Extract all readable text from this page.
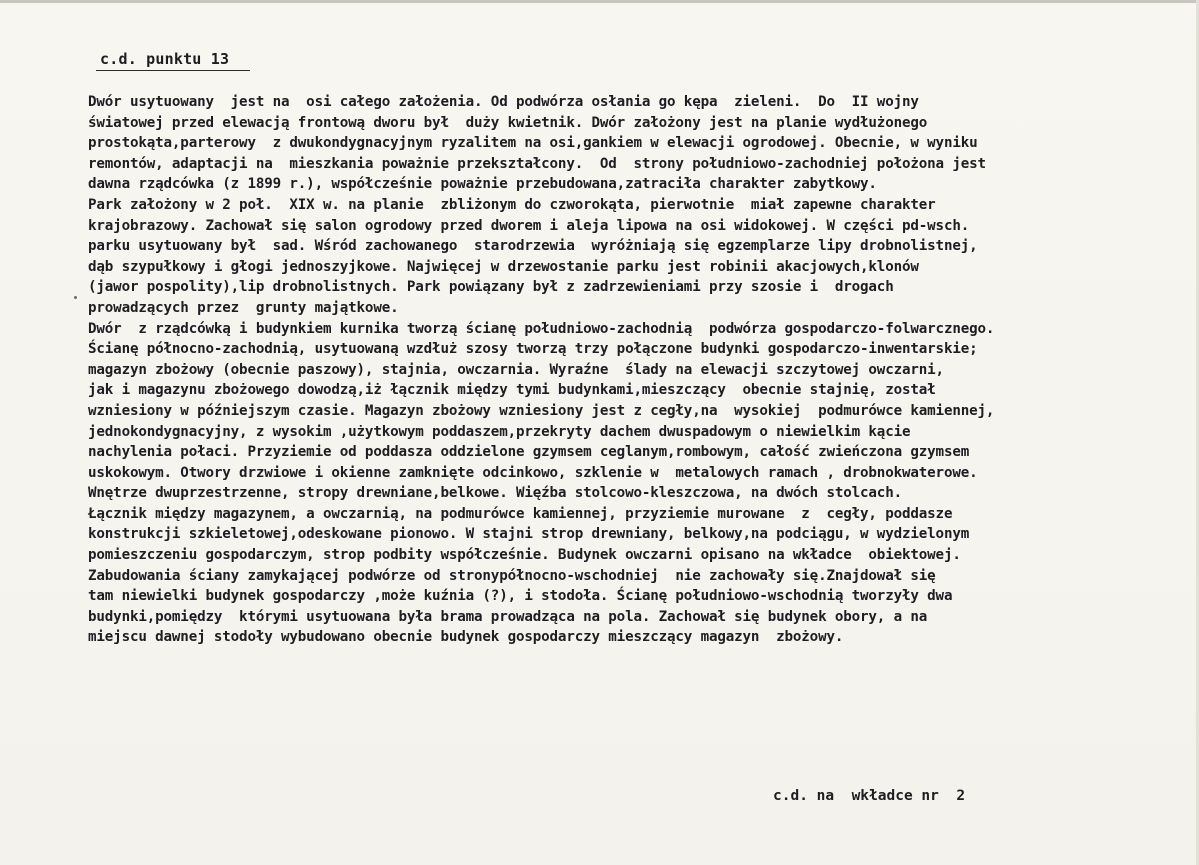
c.d. punktu 13
Dwór usytuowany  jest na  osi całego założenia. Od podwórza osłania go kępa  zieleni.  Do  II wojny
światowej przed elewacją frontową dworu był  duży kwietnik. Dwór założony jest na planie wydłużonego
prostokąta,parterowy  z dwukondygnacyjnym ryzalitem na osi,gankiem w elewacji ogrodowej. Obecnie, w wyniku
remontów, adaptacji na  mieszkania poważnie przekształcony.  Od  strony południowo-zachodniej położona jest
dawna rządcówka (z 1899 r.), współcześnie poważnie przebudowana,zatraciła charakter zabytkowy.
Park założony w 2 poł.  XIX w. na planie  zbliżonym do czworokąta, pierwotnie  miał zapewne charakter
krajobrazowy. Zachował się salon ogrodowy przed dworem i aleja lipowa na osi widokowej. W części pd-wsch.
parku usytuowany był  sad. Wśród zachowanego  starodrzewia  wyróżniają się egzemplarze lipy drobnolistnej,
dąb szypułkowy i głogi jednoszyjkowe. Najwięcej w drzewostanie parku jest robinii akacjowych,klonów
(jawor pospolity),lip drobnolistnych. Park powiązany był z zadrzewieniami przy szosie i  drogach
prowadzących przez  grunty majątkowe.
Dwór  z rządcówką i budynkiem kurnika tworzą ścianę południowo-zachodnią  podwórza gospodarczo-folwarcznego.
Ścianę północno-zachodnią, usytuowaną wzdłuż szosy tworzą trzy połączone budynki gospodarczo-inwentarskie;
magazyn zbożowy (obecnie paszowy), stajnia, owczarnia. Wyraźne  ślady na elewacji szczytowej owczarni,
jak i magazynu zbożowego dowodzą,iż łącznik między tymi budynkami,mieszczący  obecnie stajnię, został
wzniesiony w późniejszym czasie. Magazyn zbożowy wzniesiony jest z cegły,na  wysokiej  podmurówce kamiennej,
jednokondygnacyjny, z wysokim ,użytkowym poddaszem,przekryty dachem dwuspadowym o niewielkim kącie
nachylenia połaci. Przyziemie od poddasza oddzielone gzymsem ceglanym,rombowym, całość zwieńczona gzymsem
uskokowym. Otwory drzwiowe i okienne zamknięte odcinkowo, szklenie w  metalowych ramach , drobnokwaterowe.
Wnętrze dwuprzestrzenne, stropy drewniane,belkowe. Więźba stolcowo-kleszczowa, na dwóch stolcach.
Łącznik między magazynem, a owczarnią, na podmurówce kamiennej, przyziemie murowane  z  cegły, poddasze
konstrukcji szkieletowej,odeskowane pionowo. W stajni strop drewniany, belkowy,na podciągu, w wydzielonym
pomieszczeniu gospodarczym, strop podbity współcześnie. Budynek owczarni opisano na wkładce  obiektowej.
Zabudowania ściany zamykającej podwórze od stronypółnocno-wschodniej  nie zachowały się.Znajdował się
tam niewielki budynek gospodarczy ,może kuźnia (?), i stodoła. Ścianę południowo-wschodnią tworzyły dwa
budynki,pomiędzy  którymi usytuowana była brama prowadząca na pola. Zachował się budynek obory, a na
miejscu dawnej stodoły wybudowano obecnie budynek gospodarczy mieszczący magazyn  zbożowy.
c.d. na  wkładce nr  2
